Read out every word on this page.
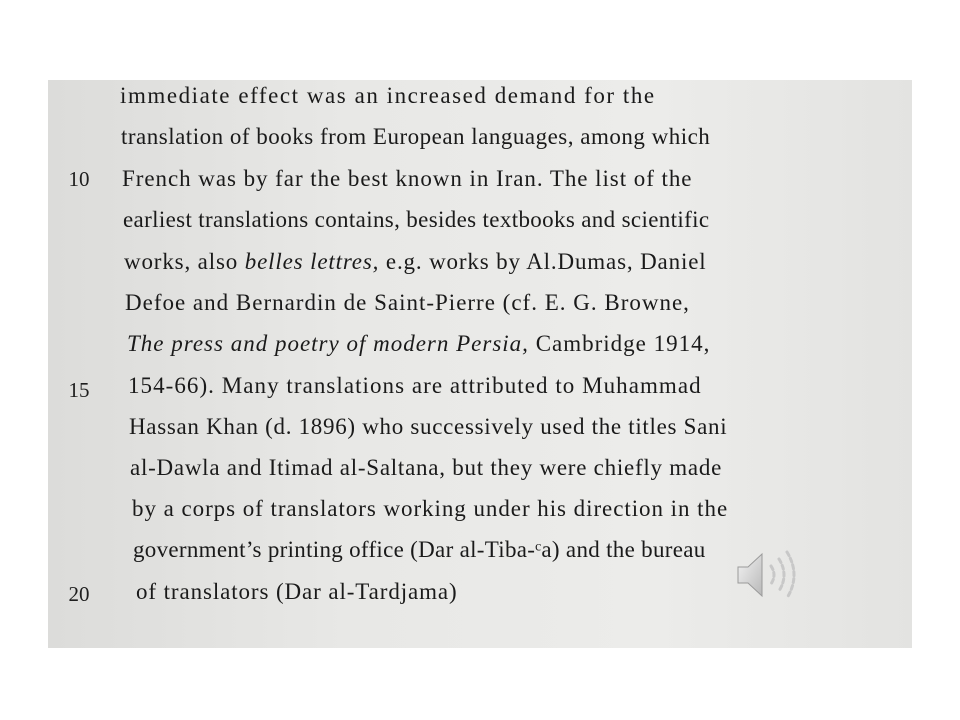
immediate effect was an increased demand for the
translation of books from European languages, among which
10	French was by far the best known in Iran. The list of the
earliest translations contains, besides textbooks and scientific
works, also belles lettres, e.g. works by Al.Dumas, Daniel
Defoe and Bernardin de Saint-Pierre (cf. E. G. Browne,
The press and poetry of modern Persia, Cambridge 1914,
15	154-66). Many translations are attributed to Muhammad
Hassan Khan (d. 1896) who successively used the titles Sani
al-Dawla and Itimad al-Saltana, but they were chiefly made
by a corps of translators working under his direction in the
government’s printing office (Dar al-Tiba-ᶜa) and the bureau
20	of translators (Dar al-Tardjama)
